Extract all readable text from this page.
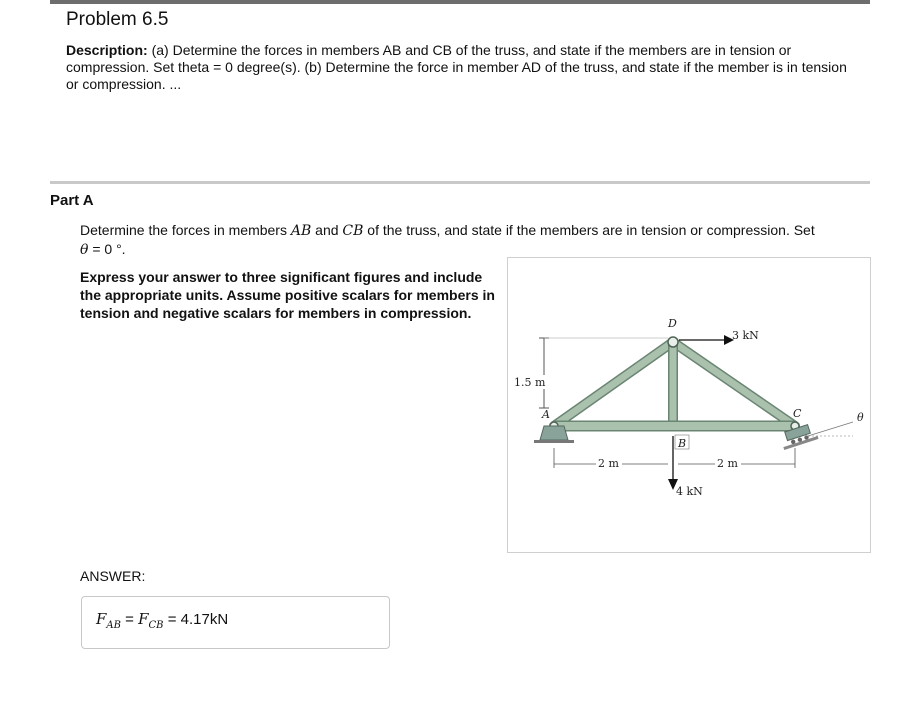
Problem 6.5
Description: (a) Determine the forces in members AB and CB of the truss, and state if the members are in tension or compression. Set theta = 0 degree(s). (b) Determine the force in member AD of the truss, and state if the member is in tension or compression. ...
Part A
Determine the forces in members AB and CB of the truss, and state if the members are in tension or compression. Set
θ = 0 °.
Express your answer to three significant figures and include the appropriate units. Assume positive scalars for members in tension and negative scalars for members in compression.
1.5 m
θ
D
A
B
C
3 kN
4 kN
2 m	2 m
ANSWER:
$F_{AB} = F_{CB} = 4.17kN$
